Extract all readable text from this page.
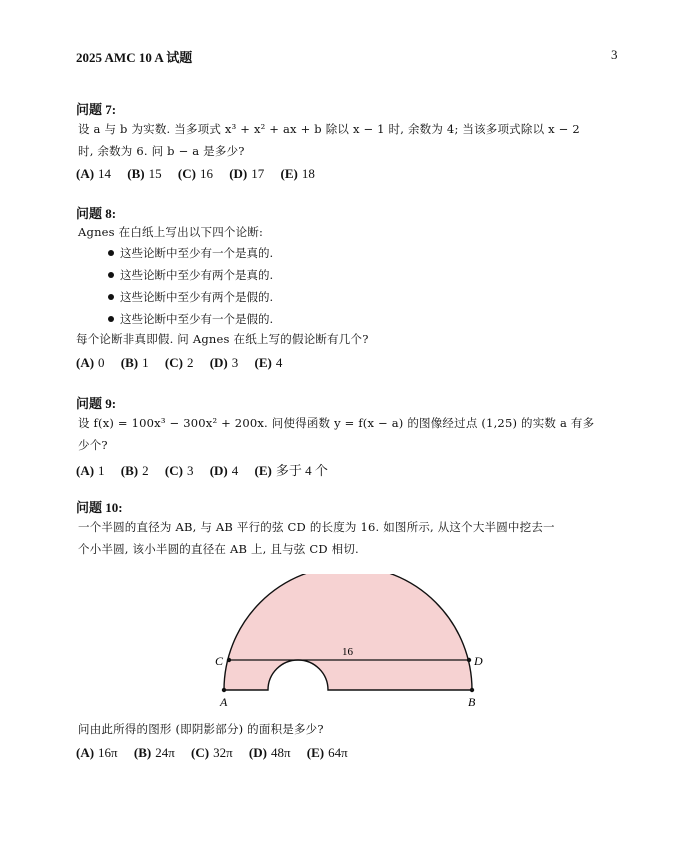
2025 AMC 10 A 试题	3
问题 7:
设 a 与 b 为实数. 当多项式 x³ + x² + ax + b 除以 x − 1 时, 余数为 4; 当该多项式除以 x − 2
时, 余数为 6. 问 b − a 是多少?
(A) 14 (B) 15 (C) 16 (D) 17 (E) 18
问题 8:
Agnes 在白纸上写出以下四个论断:
这些论断中至少有一个是真的.
这些论断中至少有两个是真的.
这些论断中至少有两个是假的.
这些论断中至少有一个是假的.
每个论断非真即假. 问 Agnes 在纸上写的假论断有几个?
(A) 0 (B) 1 (C) 2 (D) 3 (E) 4
问题 9:
设 f(x) = 100x³ − 300x² + 200x. 问使得函数 y = f(x − a) 的图像经过点 (1,25) 的实数 a 有多
少个?
(A) 1 (B) 2 (C) 3 (D) 4 (E) 多于 4 个
问题 10:
一个半圆的直径为 AB, 与 AB 平行的弦 CD 的长度为 16. 如图所示, 从这个大半圆中挖去一
个小半圆, 该小半圆的直径在 AB 上, 且与弦 CD 相切.
A	B
C	D
16
问由此所得的图形 (即阴影部分) 的面积是多少?
(A) 16π (B) 24π (C) 32π (D) 48π (E) 64π
